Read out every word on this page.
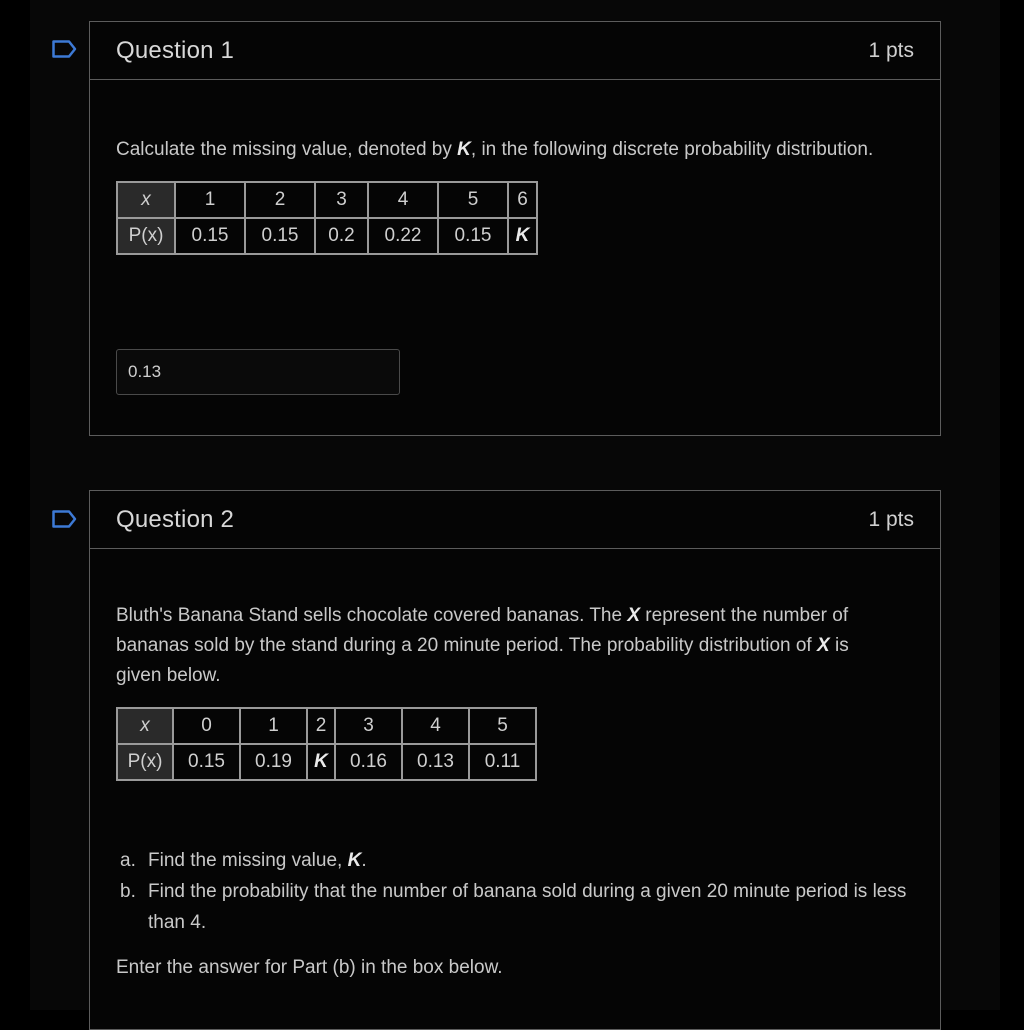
Question 1	1 pts
Calculate the missing value, denoted by K, in the following discrete probability distribution.
x	1	2	3	4	5	6
P(x)	0.15	0.15	0.2	0.22	0.15	K
0.13
Question 2	1 pts
Bluth's Banana Stand sells chocolate covered bananas. The X represent the number of
bananas sold by the stand during a 20 minute period. The probability distribution of X is
given below.
x	0	1	2	3	4	5
P(x)	0.15	0.19	K	0.16	0.13	0.11
a. Find the missing value, K.
b. Find the probability that the number of banana sold during a given 20 minute period is less than 4.
Enter the answer for Part (b) in the box below.
